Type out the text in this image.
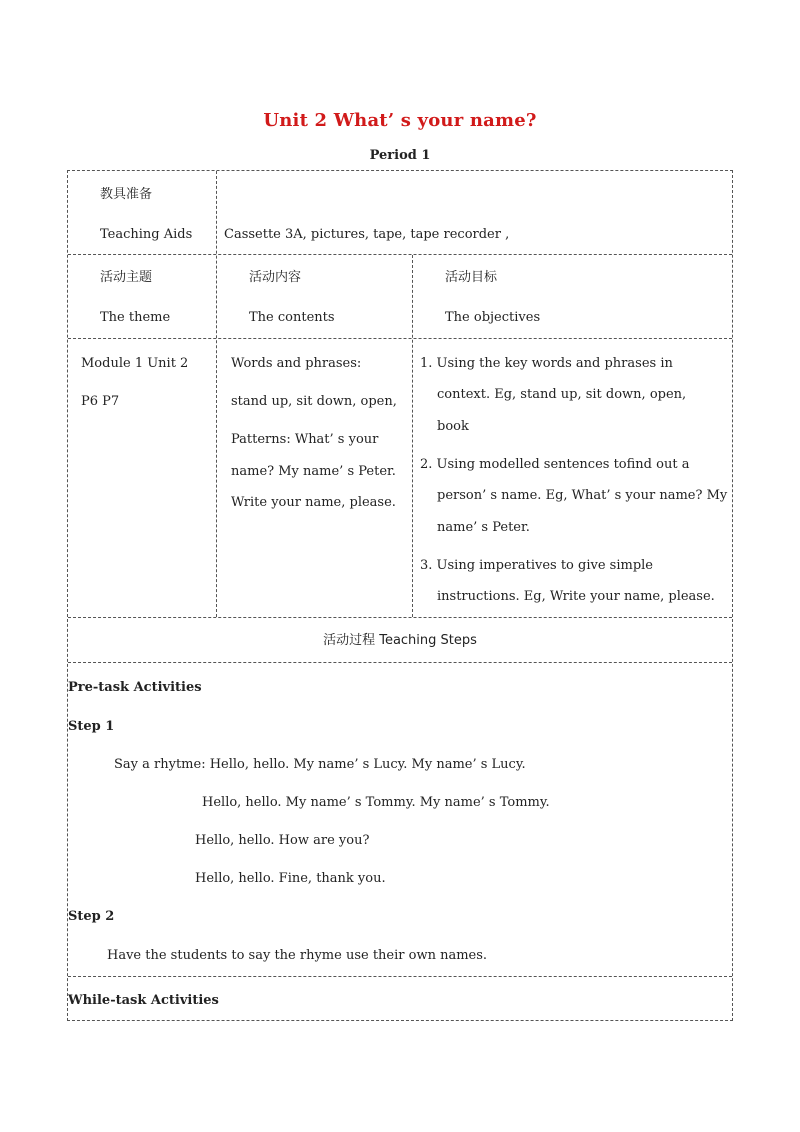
Unit 2 What’ s your name?
Period 1
教具准备
Teaching Aids Cassette 3A, pictures, tape, tape recorder ,
活动主题
The theme
活动内容
The contents
活动目标
The objectives
Module 1 Unit 2
P6 P7
Words and phrases:
stand up, sit down, open,
Patterns: What’ s your
name? My name’ s Peter.
Write your name, please.
1. Using the key words and phrases in
context. Eg, stand up, sit down, open,
book
2. Using modelled sentences tofind out a
person’ s name. Eg, What’ s your name? My
name’ s Peter.
3. Using imperatives to give simple
instructions. Eg, Write your name, please.
活动过程 Teaching Steps
Pre-task Activities
Step 1
Say a rhytme: Hello, hello. My name’ s Lucy. My name’ s Lucy.
Hello, hello. My name’ s Tommy. My name’ s Tommy.
Hello, hello. How are you?
Hello, hello. Fine, thank you.
Step 2
Have the students to say the rhyme use their own names.
While-task Activities
